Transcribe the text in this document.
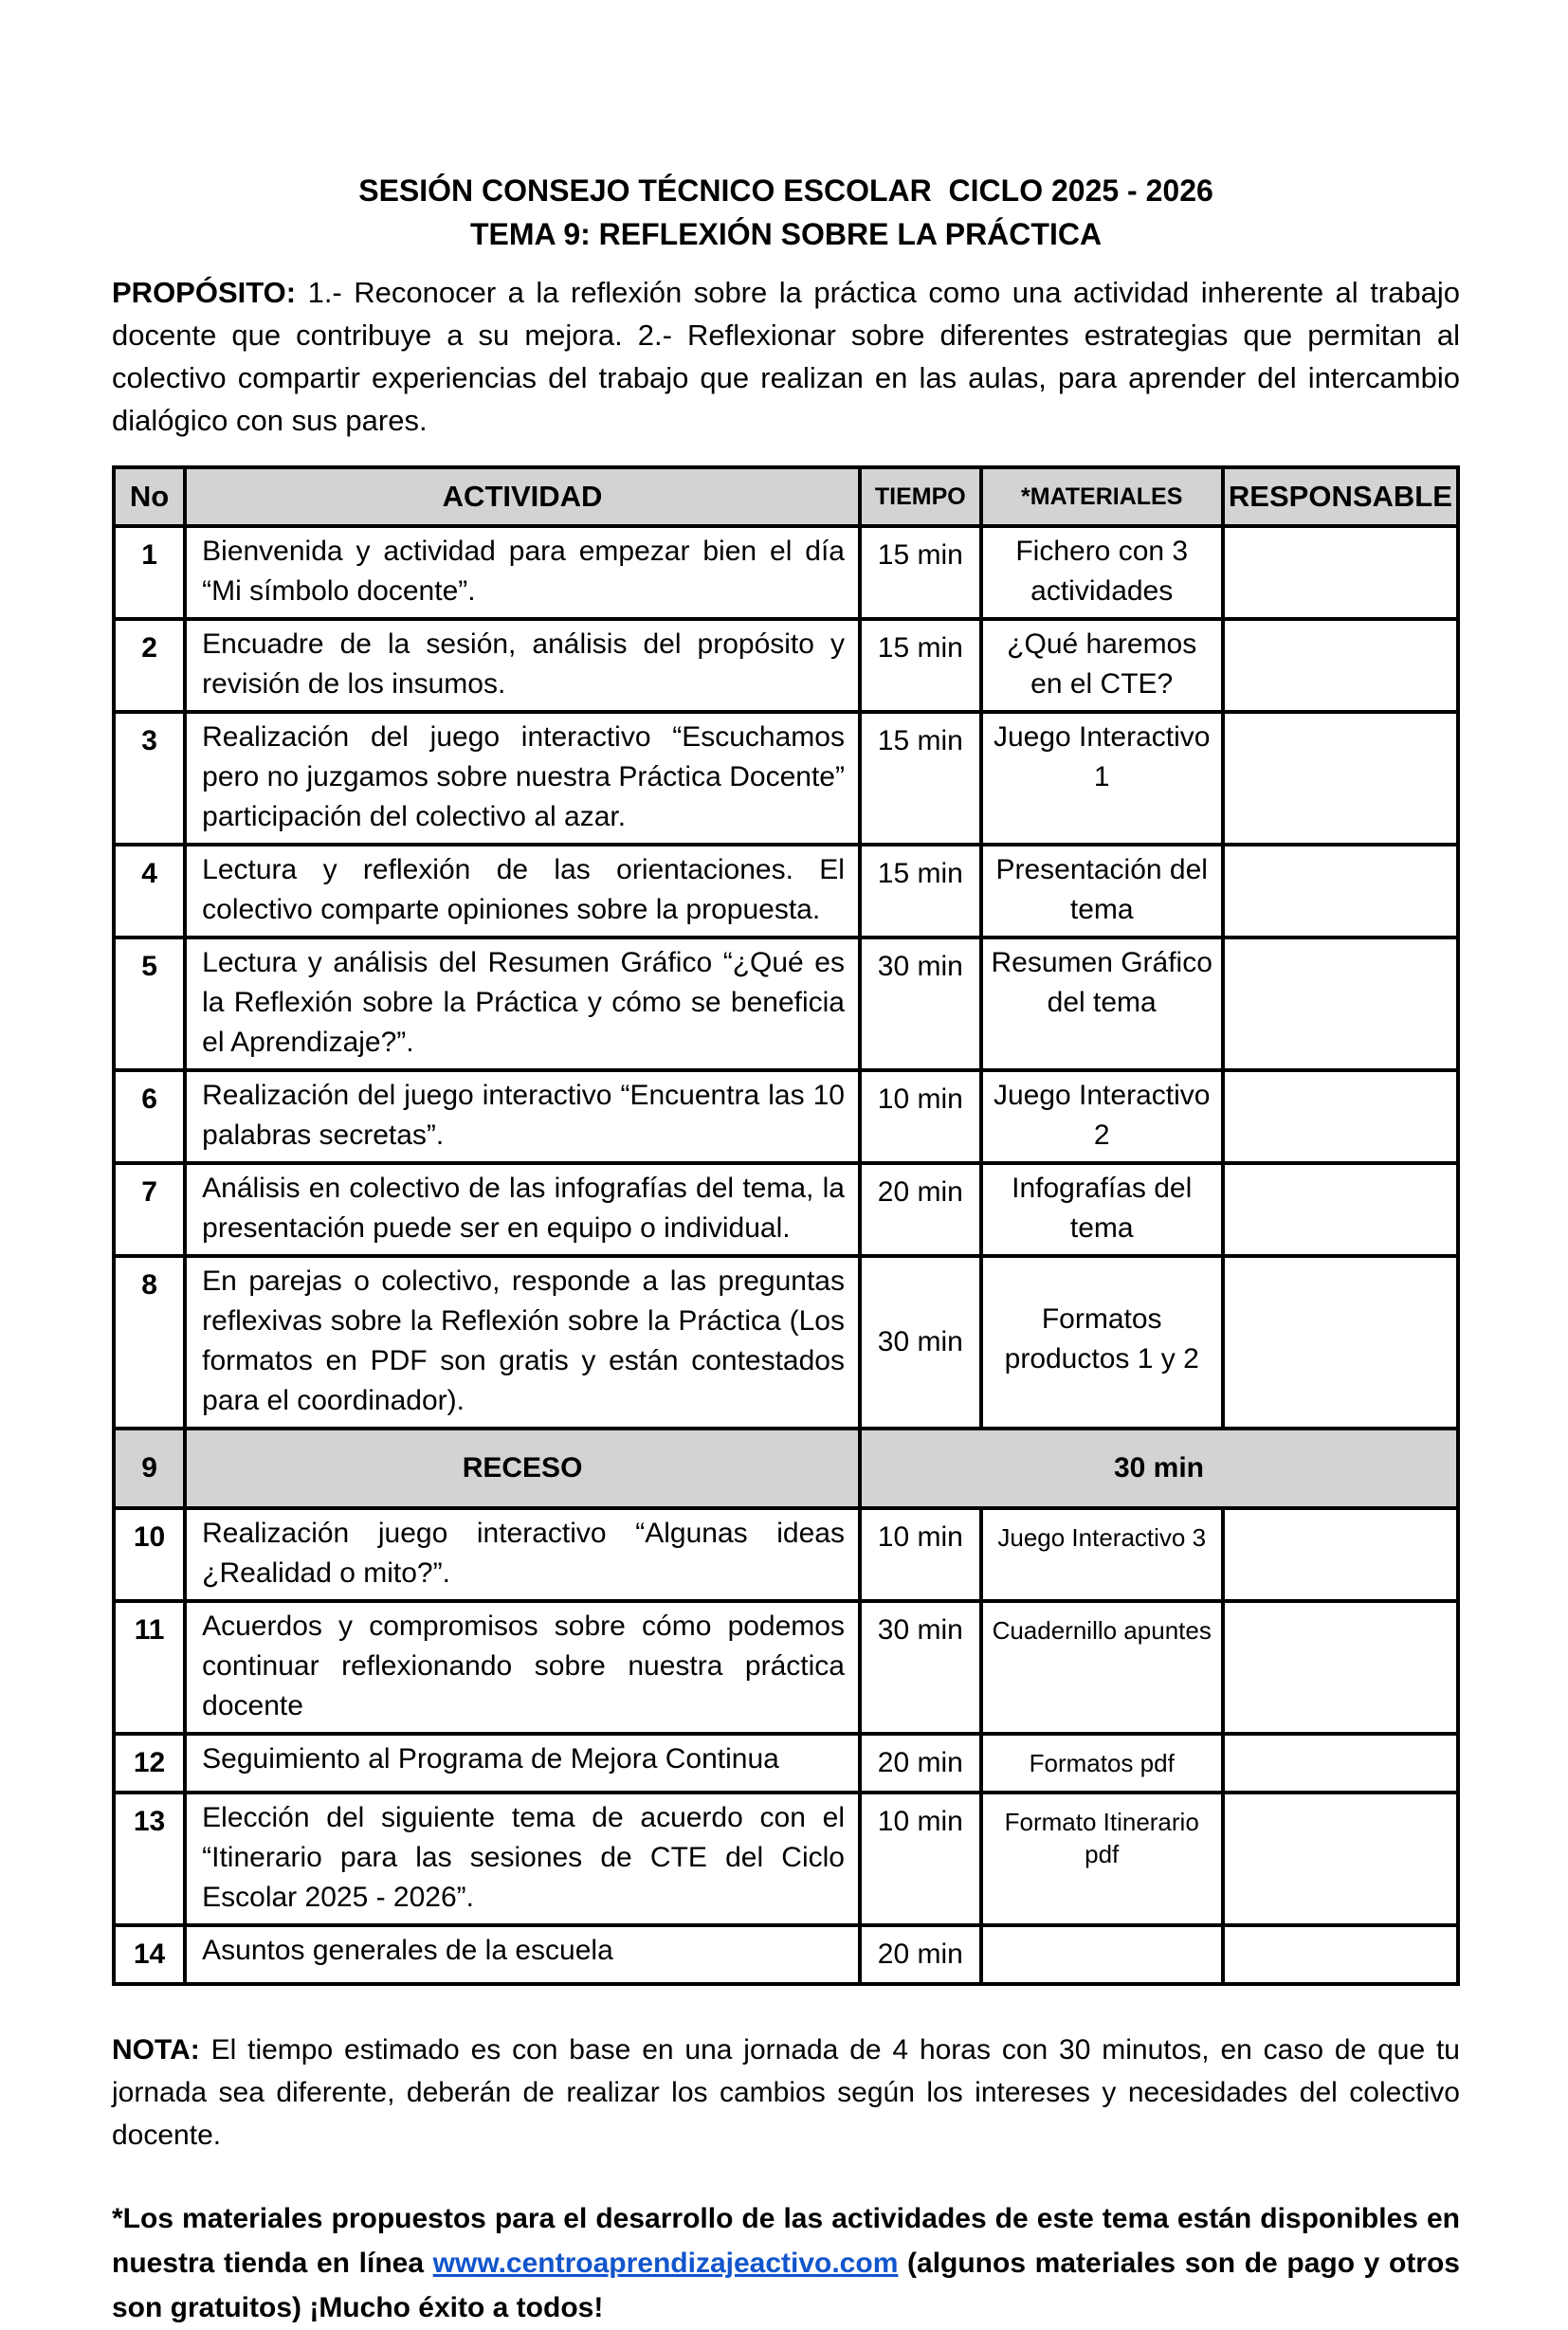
SESIÓN CONSEJO TÉCNICO ESCOLAR  CICLO 2025 - 2026
TEMA 9: REFLEXIÓN SOBRE LA PRÁCTICA

PROPÓSITO: 1.- Reconocer a la reflexión sobre la práctica como una actividad inherente al trabajo docente que contribuye a su mejora. 2.- Reflexionar sobre diferentes estrategias que permitan al colectivo compartir experiencias del trabajo que realizan en las aulas, para aprender del intercambio dialógico con sus pares.

No	ACTIVIDAD	TIEMPO	*MATERIALES	RESPONSABLE
1	Bienvenida y actividad para empezar bien el día “Mi símbolo docente”.	15 min	Fichero con 3 actividades	
2	Encuadre de la sesión, análisis del propósito y revisión de los insumos.	15 min	¿Qué haremos en el CTE?	
3	Realización del juego interactivo “Escuchamos pero no juzgamos sobre nuestra Práctica Docente” participación del colectivo al azar.	15 min	Juego Interactivo 1	
4	Lectura y reflexión de las orientaciones. El colectivo comparte opiniones sobre la propuesta.	15 min	Presentación del tema	
5	Lectura y análisis del Resumen Gráfico “¿Qué es la Reflexión sobre la Práctica y cómo se beneficia el Aprendizaje?”.	30 min	Resumen Gráfico del tema	
6	Realización del juego interactivo “Encuentra las 10 palabras secretas”.	10 min	Juego Interactivo 2	
7	Análisis en colectivo de las infografías del tema, la presentación puede ser en equipo o individual.	20 min	Infografías del tema	
8	En parejas o colectivo, responde a las preguntas reflexivas sobre la Reflexión sobre la Práctica (Los formatos en PDF son gratis y están contestados para el coordinador).	30 min	Formatos productos 1 y 2	
9	RECESO	30 min		
10	Realización juego interactivo “Algunas ideas ¿Realidad o mito?”.	10 min	Juego Interactivo 3	
11	Acuerdos y compromisos sobre cómo podemos continuar reflexionando sobre nuestra práctica docente	30 min	Cuadernillo apuntes	
12	Seguimiento al Programa de Mejora Continua	20 min	Formatos pdf	
13	Elección del siguiente tema de acuerdo con el “Itinerario para las sesiones de CTE del Ciclo Escolar 2025 - 2026”.	10 min	Formato Itinerario pdf	
14	Asuntos generales de la escuela	20 min		

NOTA: El tiempo estimado es con base en una jornada de 4 horas con 30 minutos, en caso de que tu jornada sea diferente, deberán de realizar los cambios según los intereses y necesidades del colectivo docente.

*Los materiales propuestos para el desarrollo de las actividades de este tema están disponibles en nuestra tienda en línea www.centroaprendizajeactivo.com (algunos materiales son de pago y otros son gratuitos) ¡Mucho éxito a todos!
